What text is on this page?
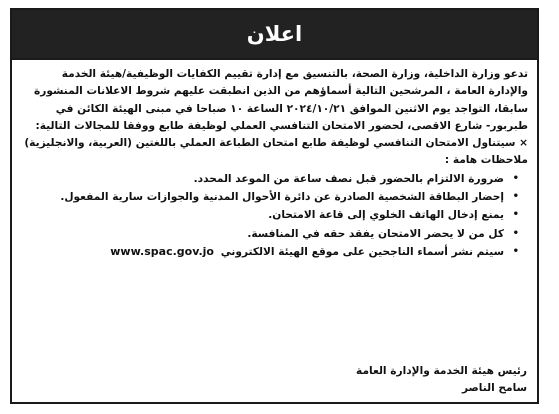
اعلان

تدعو وزارة الداخلية، وزارة الصحة، بالتنسيق مع إدارة تقييم الكفايات الوظيفية/هيئة الخدمة
والإدارة العامة ، المرشحين التالية أسماؤهم من الذين انطبقت عليهم شروط الاعلانات المنشورة
سابقا، التواجد يوم الاثنين الموافق ٢٠٢٤/١٠/٢١ الساعة ١٠ صباحا في مبنى الهيئة الكائن في
طبربور- شارع الاقصى، لحضور الامتحان التنافسي العملي لوظيفة طابع ووفقا للمجالات التالية:
× سيتناول الامتحان التنافسي لوظيفة طابع امتحان الطباعة العملي باللغتين (العربية، والانجليزية)

ملاحظات هامة :

•
ضرورة الالتزام بالحضور قبل نصف ساعة من الموعد المحدد.
•
إحضار البطاقة الشخصية الصادرة عن دائرة الأحوال المدنية والجوازات سارية المفعول.
•
يمنع إدخال الهاتف الخلوي إلى قاعة الامتحان.
•
كل من لا يحضر الامتحان يفقد حقه في المنافسة.
•
سيتم نشر أسماء الناجحين على موقع الهيئة الالكتروني www.spac.gov.jo
رئيس هيئة الخدمة والإدارة العامة
سامح الناصر
